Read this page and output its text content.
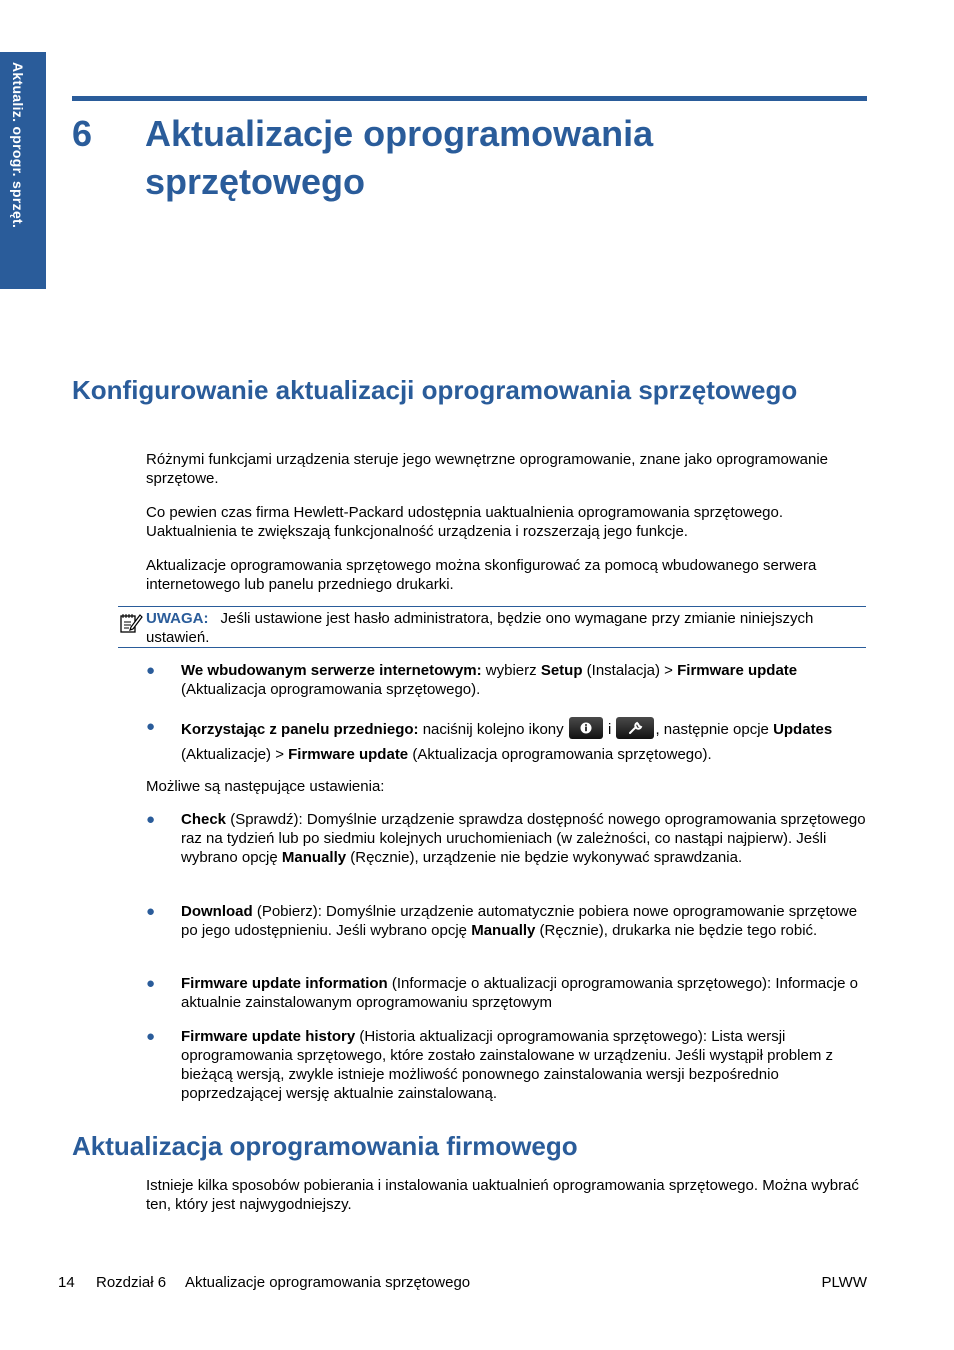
Aktualiz. oprogr. sprzęt. 6 Aktualizacje oprogramowania sprzętowego
Konfigurowanie aktualizacji oprogramowania sprzętowego

Różnymi funkcjami urządzenia steruje jego wewnętrzne oprogramowanie, znane jako oprogramowanie sprzętowe.

Co pewien czas firma Hewlett-Packard udostępnia uaktualnienia oprogramowania sprzętowego. Uaktualnienia te zwiększają funkcjonalność urządzenia i rozszerzają jego funkcje.

Aktualizacje oprogramowania sprzętowego można skonfigurować za pomocą wbudowanego serwera internetowego lub panelu przedniego drukarki.

UWAGA: Jeśli ustawione jest hasło administratora, będzie ono wymagane przy zmianie niniejszych ustawień.

● We wbudowanym serwerze internetowym: wybierz Setup (Instalacja) > Firmware update (Aktualizacja oprogramowania sprzętowego).
● Korzystając z panelu przedniego: naciśnij kolejno ikony
i	, następnie opcje Updates (Aktualizacje) > Firmware update (Aktualizacja oprogramowania sprzętowego).

Możliwe są następujące ustawienia:

● Check (Sprawdź): Domyślnie urządzenie sprawdza dostępność nowego oprogramowania sprzętowego raz na tydzień lub po siedmiu kolejnych uruchomieniach (w zależności, co nastąpi najpierw). Jeśli wybrano opcję Manually (Ręcznie), urządzenie nie będzie wykonywać sprawdzania.
● Download (Pobierz): Domyślnie urządzenie automatycznie pobiera nowe oprogramowanie sprzętowe po jego udostępnieniu. Jeśli wybrano opcję Manually (Ręcznie), drukarka nie będzie tego robić.
● Firmware update information (Informacje o aktualizacji oprogramowania sprzętowego): Informacje o aktualnie zainstalowanym oprogramowaniu sprzętowym
● Firmware update history (Historia aktualizacji oprogramowania sprzętowego): Lista wersji oprogramowania sprzętowego, które zostało zainstalowane w urządzeniu. Jeśli wystąpił problem z bieżącą wersją, zwykle istnieje możliwość ponownego zainstalowania wersji bezpośrednio poprzedzającej wersję aktualnie zainstalowaną.
Aktualizacja oprogramowania firmowego

Istnieje kilka sposobów pobierania i instalowania uaktualnień oprogramowania sprzętowego. Można wybrać ten, który jest najwygodniejszy.

14 Rozdział 6 Aktualizacje oprogramowania sprzętowego	PLWW
